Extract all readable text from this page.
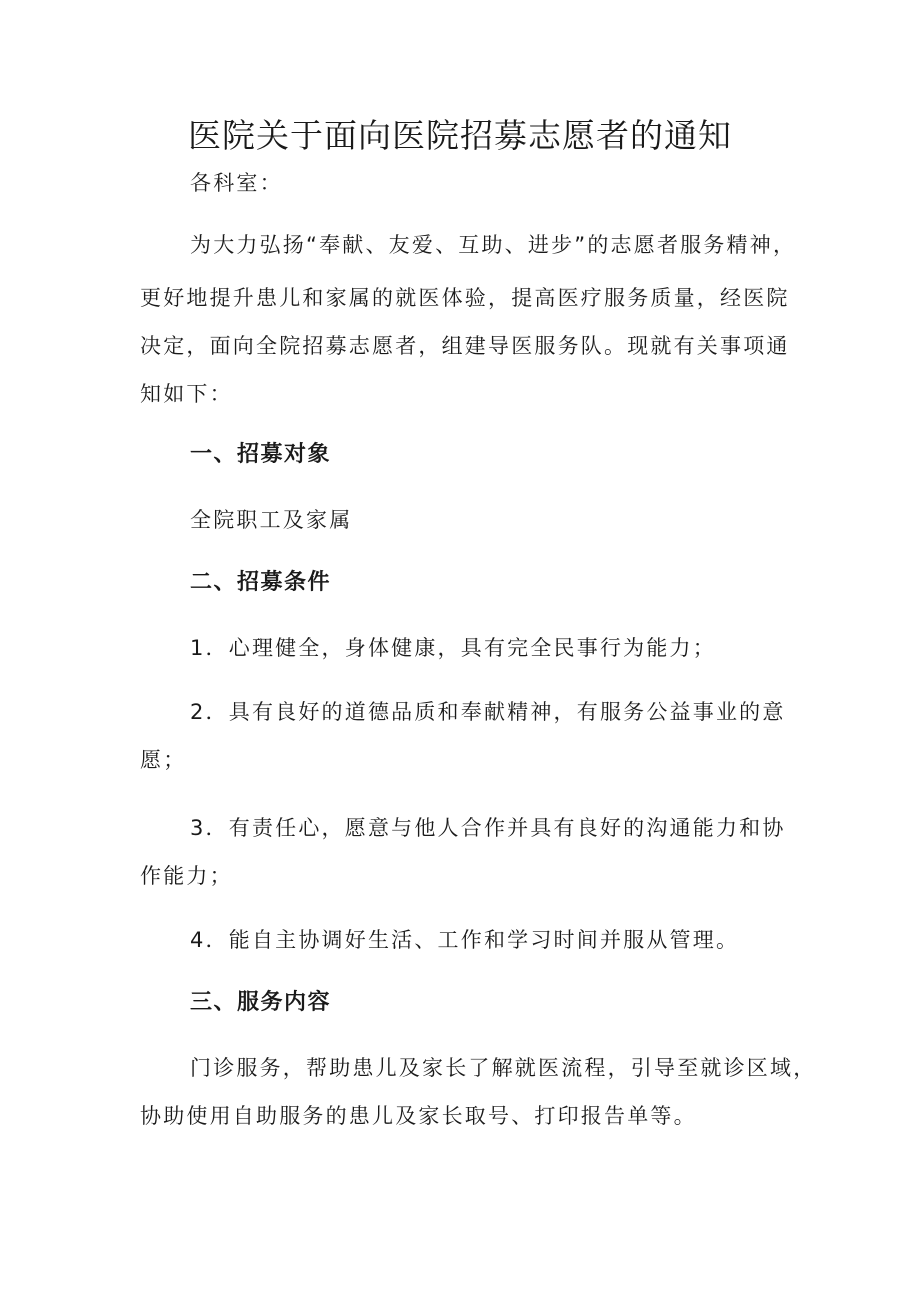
医院关于面向医院招募志愿者的通知
各科室：
为大力弘扬“奉献、友爱、互助、进步”的志愿者服务精神，
更好地提升患儿和家属的就医体验，提高医疗服务质量，经医院
决定，面向全院招募志愿者，组建导医服务队。现就有关事项通
知如下：
一、招募对象
全院职工及家属
二、招募条件
1．心理健全，身体健康，具有完全民事行为能力；
2．具有良好的道德品质和奉献精神，有服务公益事业的意
愿；
3．有责任心，愿意与他人合作并具有良好的沟通能力和协
作能力；
4．能自主协调好生活、工作和学习时间并服从管理。
三、服务内容
门诊服务，帮助患儿及家长了解就医流程，引导至就诊区域，
协助使用自助服务的患儿及家长取号、打印报告单等。
